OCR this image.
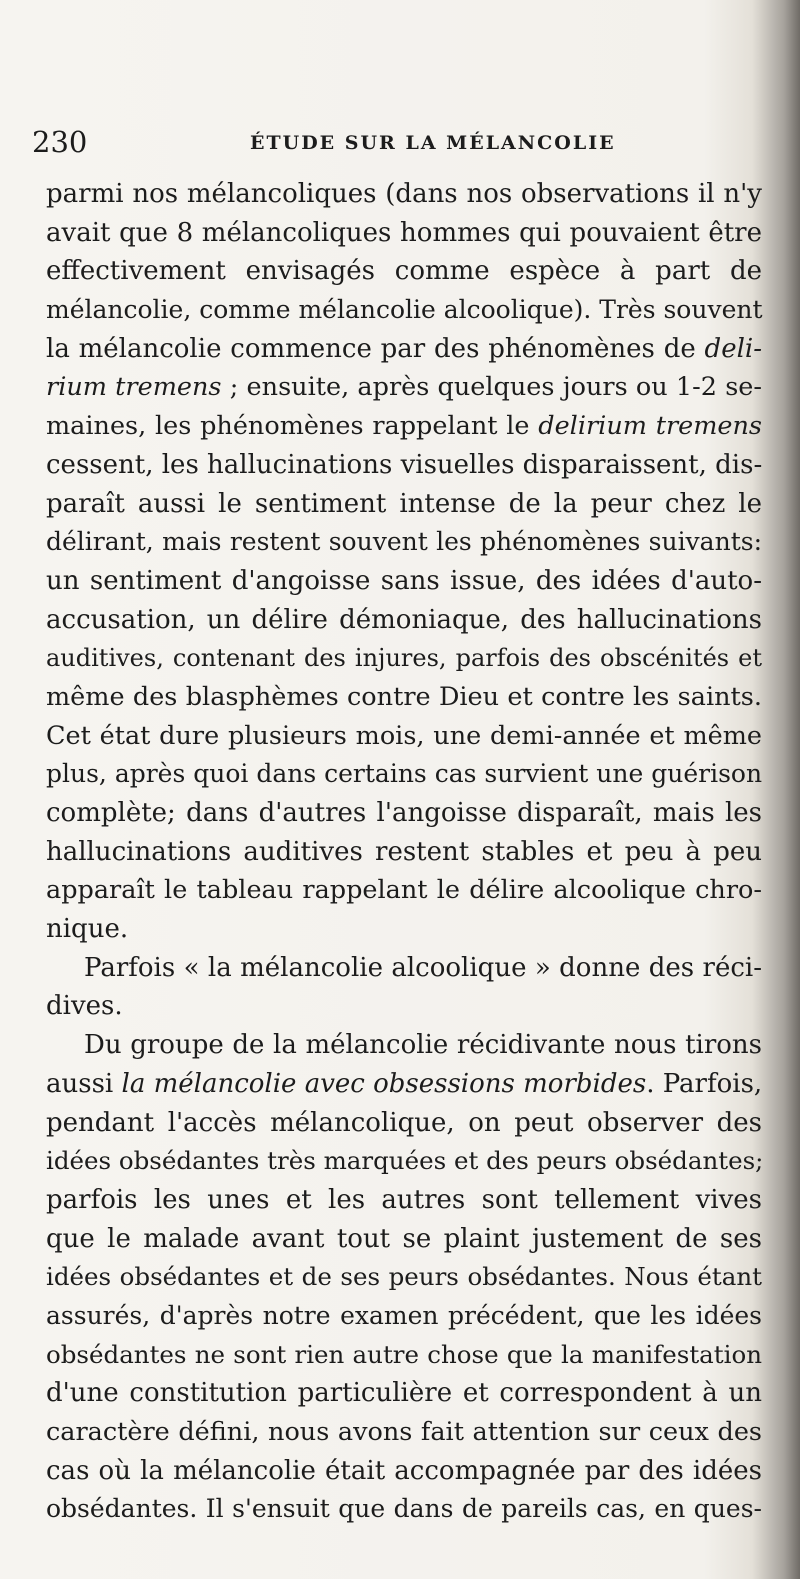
230	ÉTUDE SUR LA MÉLANCOLIE
parmi nos mélancoliques (dans nos observations il n'y
avait que 8 mélancoliques hommes qui pouvaient être
effectivement envisagés comme espèce à part de
mélancolie, comme mélancolie alcoolique). Très souvent
la mélancolie commence par des phénomènes de deli-
rium tremens ; ensuite, après quelques jours ou 1-2 se-
maines, les phénomènes rappelant le delirium tremens
cessent, les hallucinations visuelles disparaissent, dis-
paraît aussi le sentiment intense de la peur chez le
délirant, mais restent souvent les phénomènes suivants:
un sentiment d'angoisse sans issue, des idées d'auto-
accusation, un délire démoniaque, des hallucinations
auditives, contenant des injures, parfois des obscénités et
même des blasphèmes contre Dieu et contre les saints.
Cet état dure plusieurs mois, une demi-année et même
plus, après quoi dans certains cas survient une guérison
complète; dans d'autres l'angoisse disparaît, mais les
hallucinations auditives restent stables et peu à peu
apparaît le tableau rappelant le délire alcoolique chro-
nique.
Parfois « la mélancolie alcoolique » donne des réci-
dives.
Du groupe de la mélancolie récidivante nous tirons
aussi la mélancolie avec obsessions morbides. Parfois,
pendant l'accès mélancolique, on peut observer des
idées obsédantes très marquées et des peurs obsédantes;
parfois les unes et les autres sont tellement vives
que le malade avant tout se plaint justement de ses
idées obsédantes et de ses peurs obsédantes. Nous étant
assurés, d'après notre examen précédent, que les idées
obsédantes ne sont rien autre chose que la manifestation
d'une constitution particulière et correspondent à un
caractère défini, nous avons fait attention sur ceux des
cas où la mélancolie était accompagnée par des idées
obsédantes. Il s'ensuit que dans de pareils cas, en ques-
